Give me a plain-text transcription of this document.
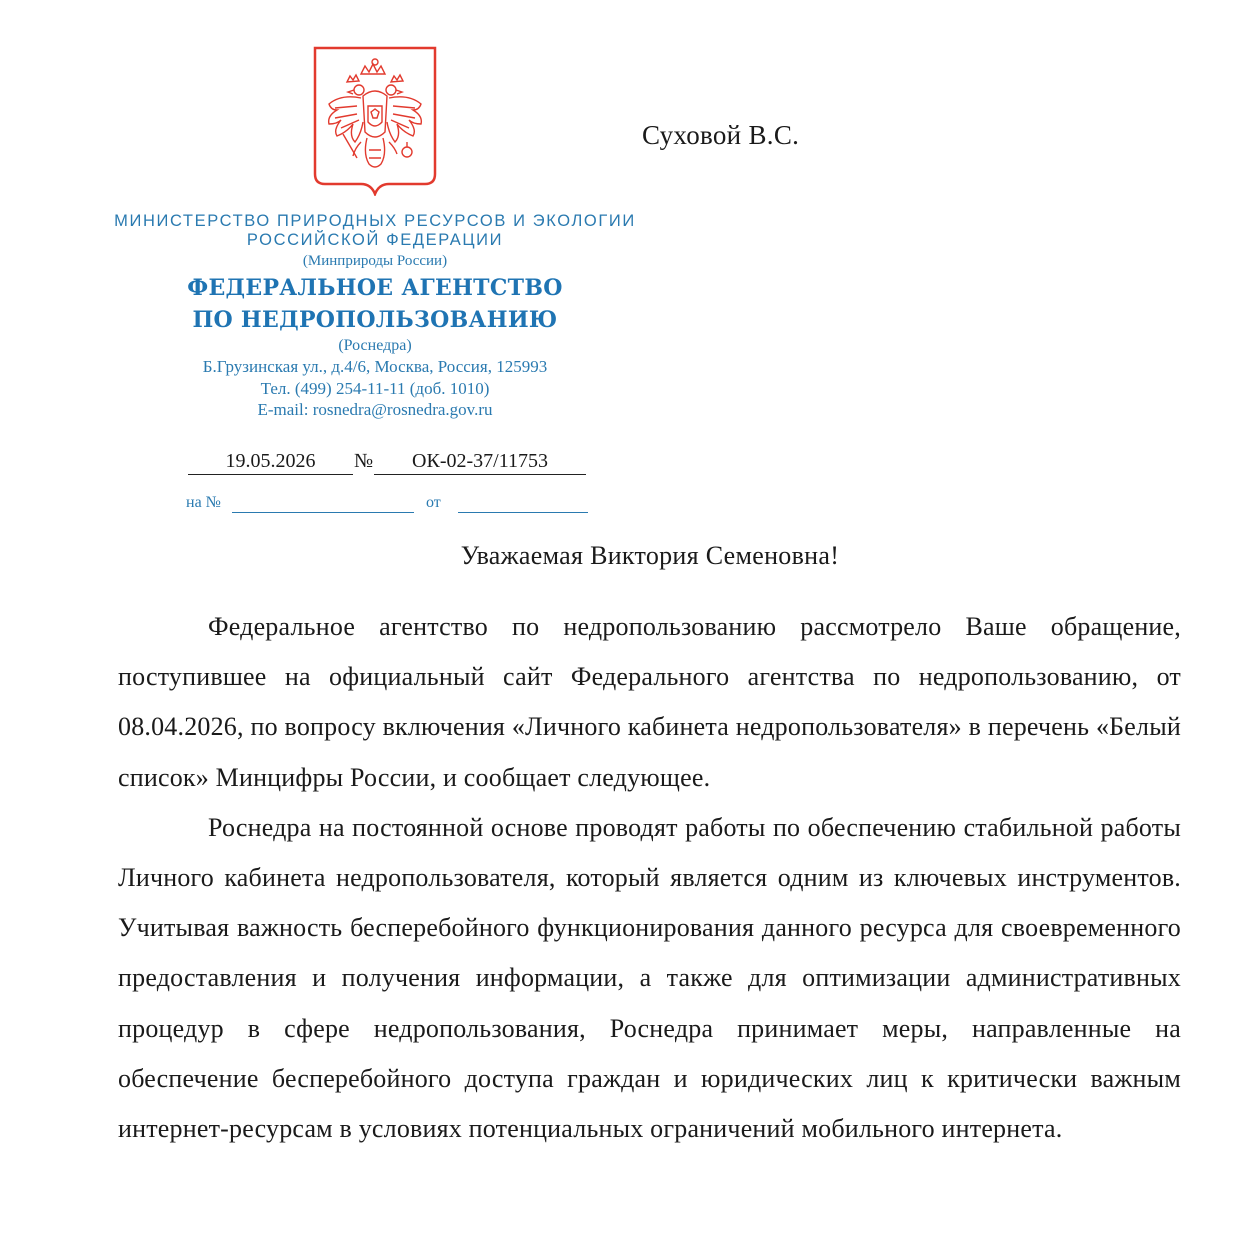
Суховой В.С.
МИНИСТЕРСТВО ПРИРОДНЫХ РЕСУРСОВ И ЭКОЛОГИИ
РОССИЙСКОЙ ФЕДЕРАЦИИ
(Минприроды России)
ФЕДЕРАЛЬНОЕ АГЕНТСТВО
ПО НЕДРОПОЛЬЗОВАНИЮ
(Роснедра)
Б.Грузинская ул., д.4/6, Москва, Россия, 125993
Тел. (499) 254-11-11 (доб. 1010)
E-mail: rosnedra@rosnedra.gov.ru
19.05.2026	№	ОК-02-37/11753
на №	от
Уважаемая Виктория Семеновна!

Федеральное агентство по недропользованию рассмотрело Ваше обращение, поступившее на официальный сайт Федерального агентства по недропользованию, от 08.04.2026, по вопросу включения «Личного кабинета недропользователя» в перечень «Белый список» Минцифры России, и сообщает следующее.

Роснедра на постоянной основе проводят работы по обеспечению стабильной работы Личного кабинета недропользователя, который является одним из ключевых инструментов. Учитывая важность бесперебойного функционирования данного ресурса для своевременного предоставления и получения информации, а также для оптимизации административных процедур в сфере недропользования, Роснедра принимает меры, направленные на обеспечение бесперебойного доступа граждан и юридических лиц к критически важным интернет-ресурсам в условиях потенциальных ограничений мобильного интернета.
